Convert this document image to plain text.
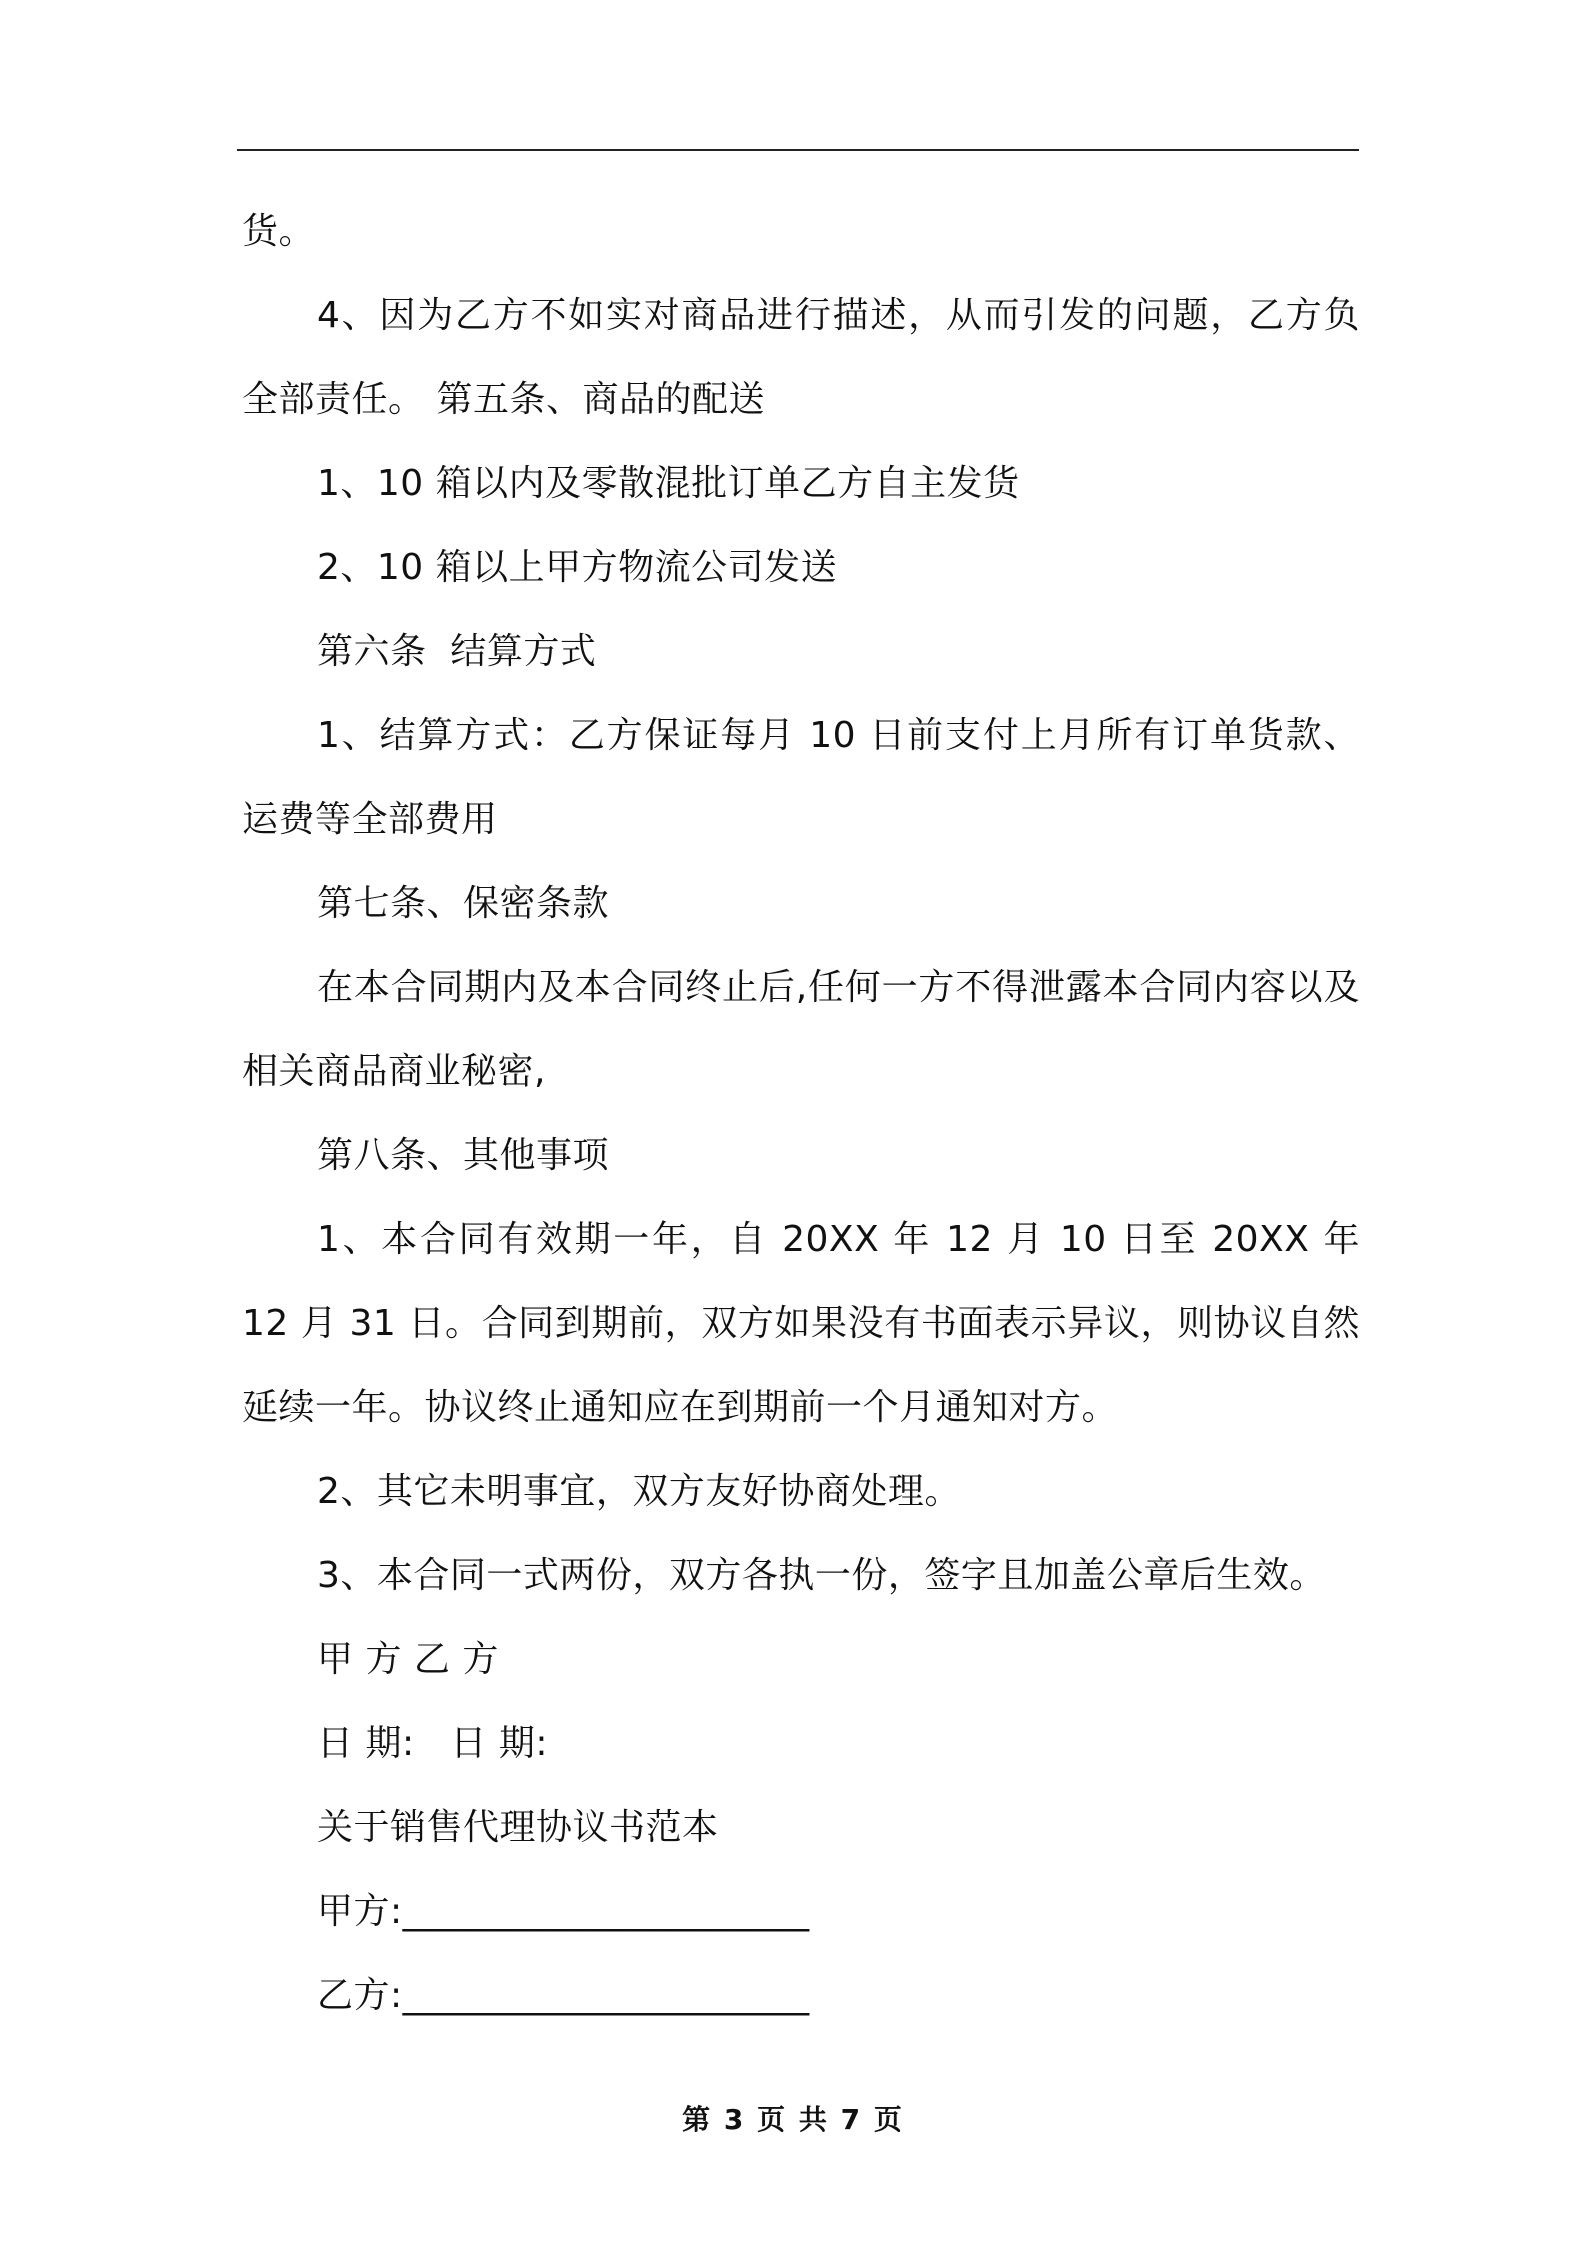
货。

4、因为乙方不如实对商品进行描述，从而引发的问题，乙方负全部责任。 第五条、商品的配送

1、10 箱以内及零散混批订单乙方自主发货

2、10 箱以上甲方物流公司发送

第六条  结算方式

1、结算方式：乙方保证每月 10 日前支付上月所有订单货款、运费等全部费用

第七条、保密条款

在本合同期内及本合同终止后,任何一方不得泄露本合同内容以及相关商品商业秘密,

第八条、其他事项

1、本合同有效期一年，自 20XX 年 12 月 10 日至 20XX 年 12 月 31 日。合同到期前，双方如果没有书面表示异议，则协议自然延续一年。协议终止通知应在到期前一个月通知对方。

2、其它未明事宜，双方友好协商处理。

3、本合同一式两份，双方各执一份，签字且加盖公章后生效。

甲 方 乙 方

日 期:   日 期:

关于销售代理协议书范本

甲方:______________________

乙方:______________________

第 3 页 共 7 页
